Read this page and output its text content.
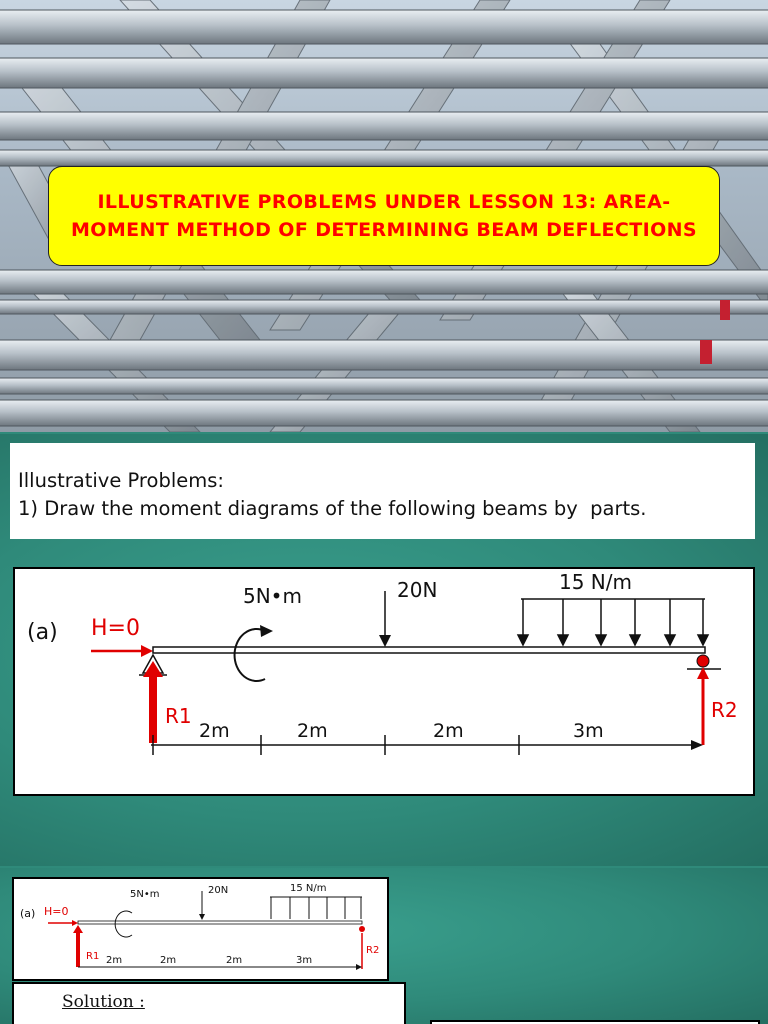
ILLUSTRATIVE PROBLEMS UNDER LESSON 13: AREA-MOMENT METHOD OF DETERMINING BEAM DEFLECTIONS
Illustrative Problems:
1) Draw the moment diagrams of the following beams by  parts.
(a) H=0
R1
5N•m	20N	15 N/m
R2
2m	2m	2m	3m
(a) H=0
R1
5N•m	20N	15 N/m
R2
2m	2m	2m	3m
Solution :
